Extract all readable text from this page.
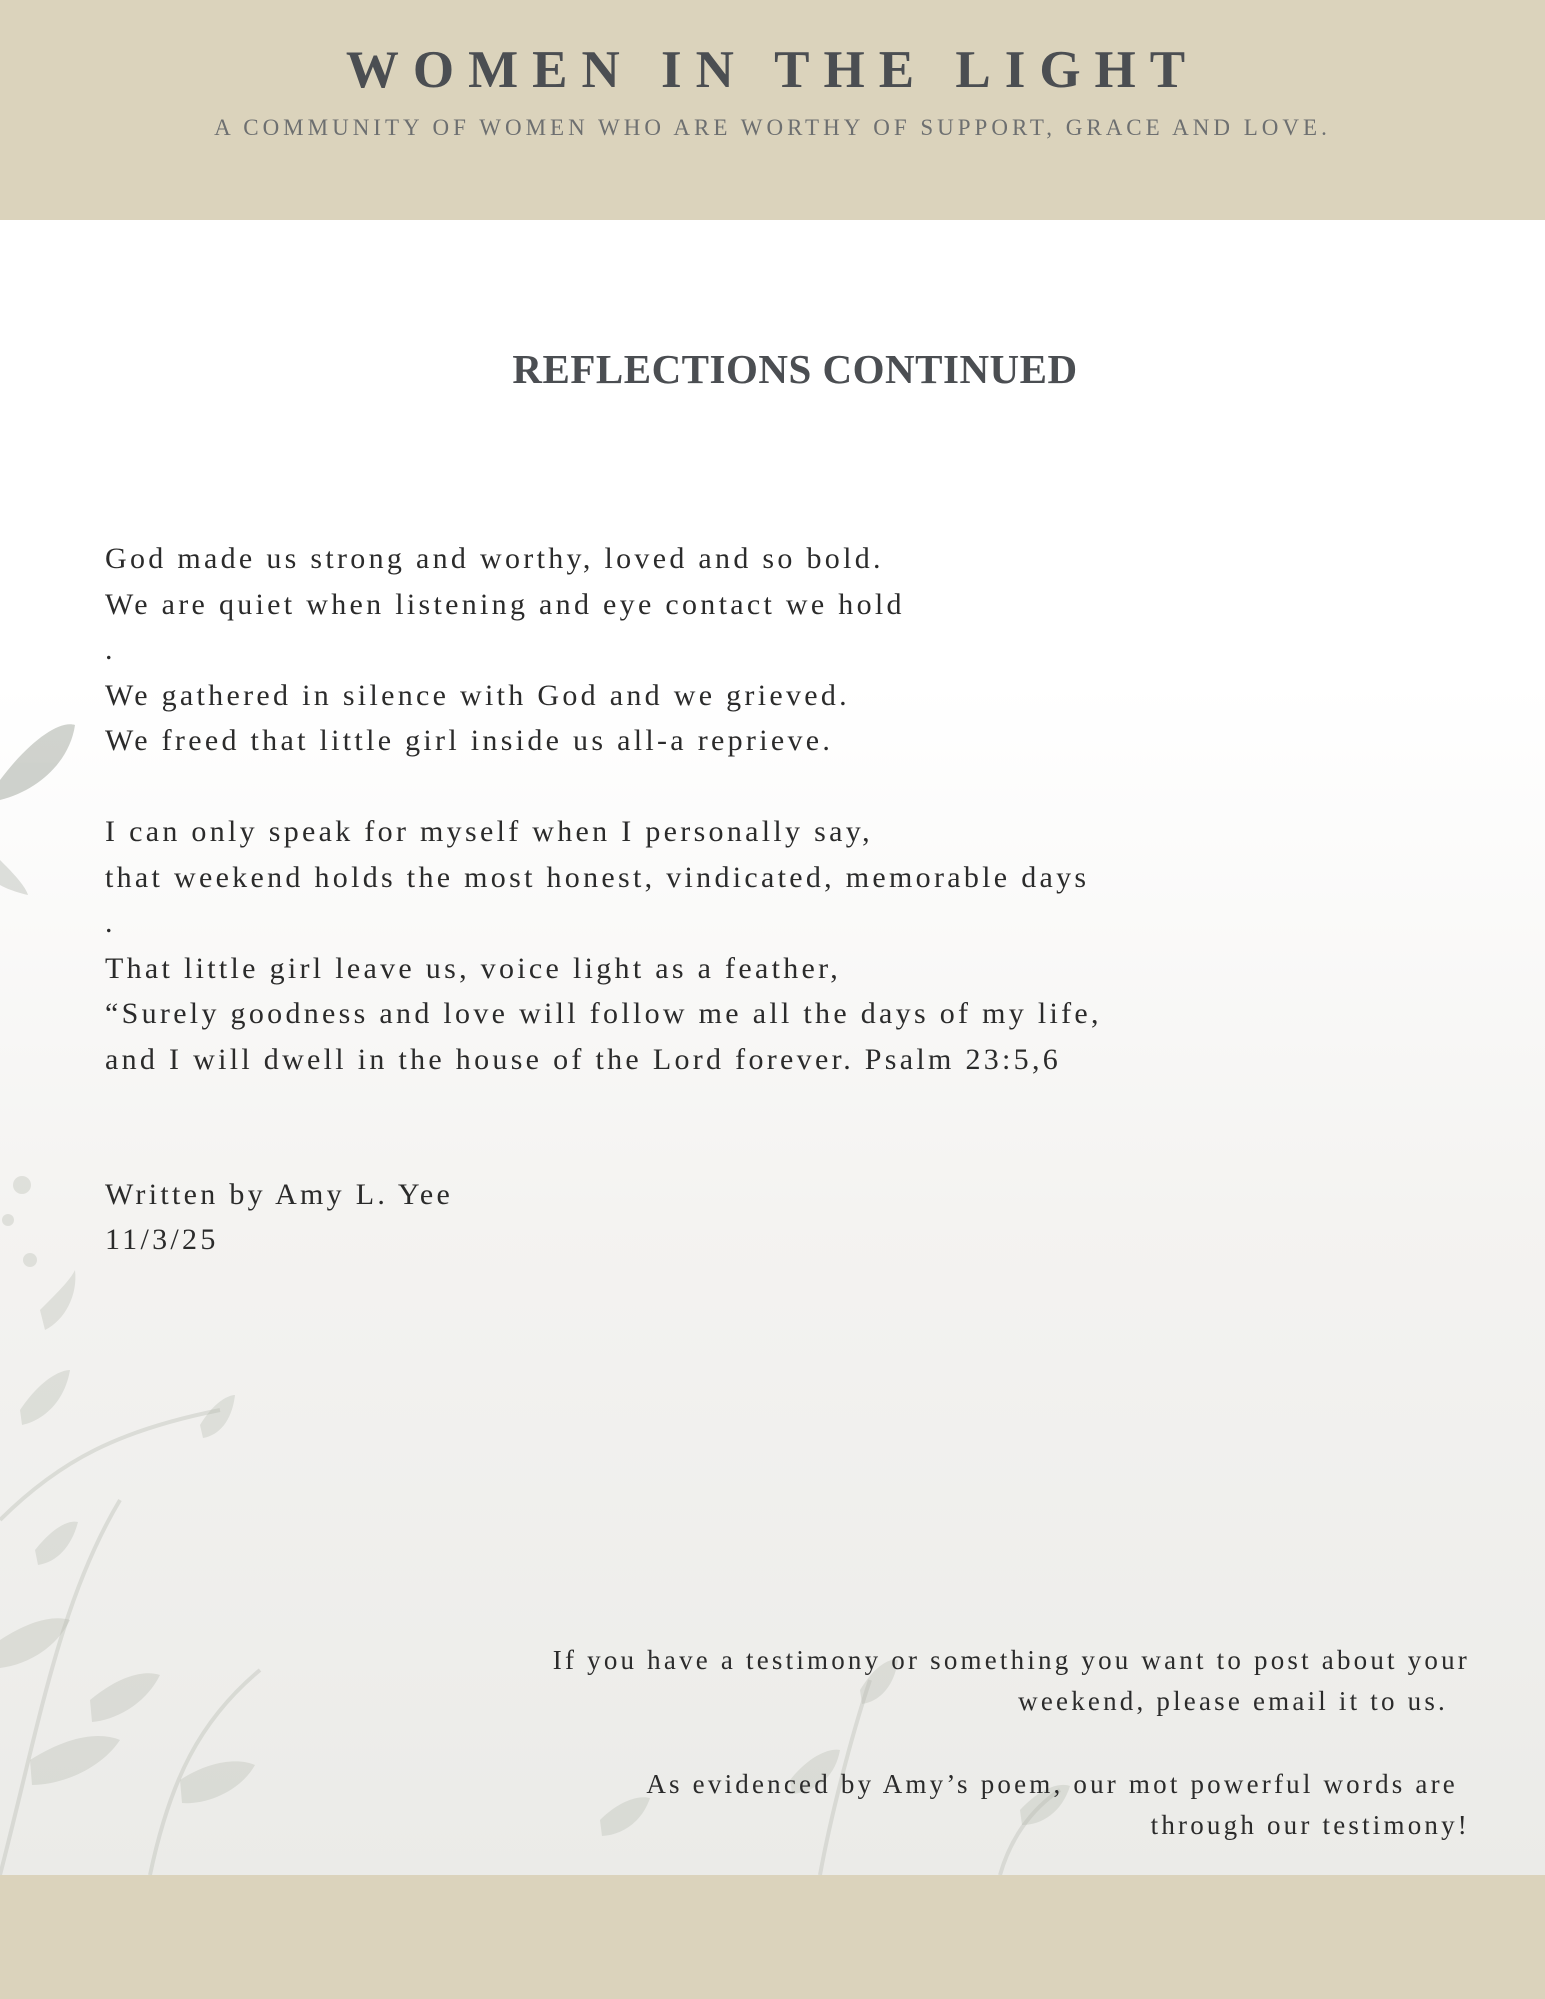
WOMEN IN THE LIGHT
A COMMUNITY OF WOMEN WHO ARE WORTHY OF SUPPORT, GRACE AND LOVE.
REFLECTIONS CONTINUED
God made us strong and worthy, loved and so bold.
We are quiet when listening and eye contact we hold
.
We gathered in silence with God and we grieved.
We freed that little girl inside us all-a reprieve.
I can only speak for myself when I personally say,
that weekend holds the most honest, vindicated, memorable days
.
That little girl leave us, voice light as a feather,
“Surely goodness and love will follow me all the days of my life,
and I will dwell in the house of the Lord forever. Psalm 23:5,6
Written by Amy L. Yee
11/3/25
If you have a testimony or something you want to post about your
weekend, please email it to us.
As evidenced by Amy’s poem, our mot powerful words are
through our testimony!
